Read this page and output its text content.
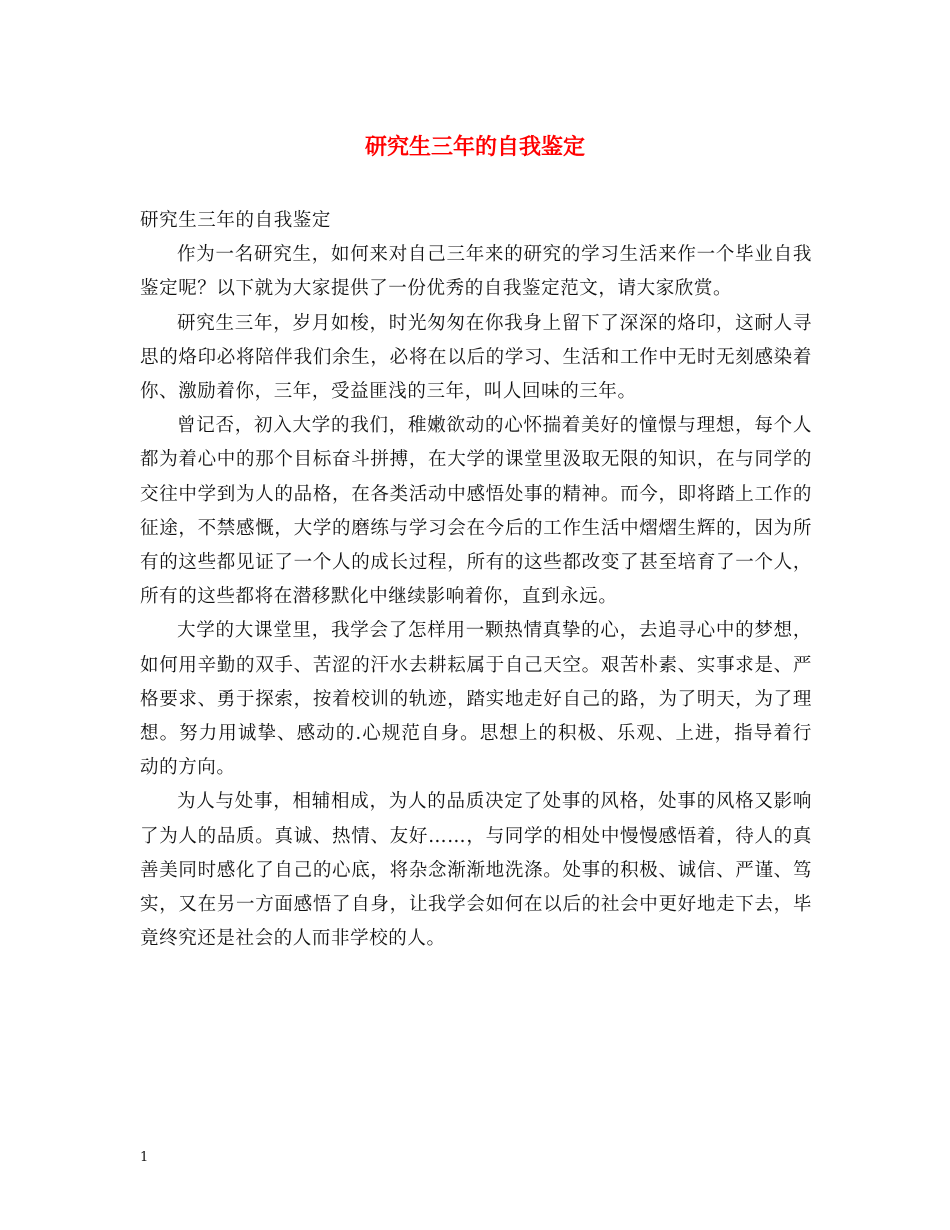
研究生三年的自我鉴定

研究生三年的自我鉴定

作为一名研究生，如何来对自己三年来的研究的学习生活来作一个毕业自我鉴定呢？以下就为大家提供了一份优秀的自我鉴定范文，请大家欣赏。

研究生三年，岁月如梭，时光匆匆在你我身上留下了深深的烙印，这耐人寻思的烙印必将陪伴我们余生，必将在以后的学习、生活和工作中无时无刻感染着你、激励着你，三年，受益匪浅的三年，叫人回味的三年。

曾记否，初入大学的我们，稚嫩欲动的心怀揣着美好的憧憬与理想，每个人都为着心中的那个目标奋斗拼搏，在大学的课堂里汲取无限的知识，在与同学的交往中学到为人的品格，在各类活动中感悟处事的精神。而今，即将踏上工作的征途，不禁感慨，大学的磨练与学习会在今后的工作生活中熠熠生辉的，因为所有的这些都见证了一个人的成长过程，所有的这些都改变了甚至培育了一个人，所有的这些都将在潜移默化中继续影响着你，直到永远。

大学的大课堂里，我学会了怎样用一颗热情真挚的心，去追寻心中的梦想，如何用辛勤的双手、苦涩的汗水去耕耘属于自己天空。艰苦朴素、实事求是、严格要求、勇于探索，按着校训的轨迹，踏实地走好自己的路，为了明天，为了理想。努力用诚挚、感动的.心规范自身。思想上的积极、乐观、上进，指导着行动的方向。

为人与处事，相辅相成，为人的品质决定了处事的风格，处事的风格又影响了为人的品质。真诚、热情、友好……，与同学的相处中慢慢感悟着，待人的真善美同时感化了自己的心底，将杂念渐渐地洗涤。处事的积极、诚信、严谨、笃实，又在另一方面感悟了自身，让我学会如何在以后的社会中更好地走下去，毕竟终究还是社会的人而非学校的人。

1
